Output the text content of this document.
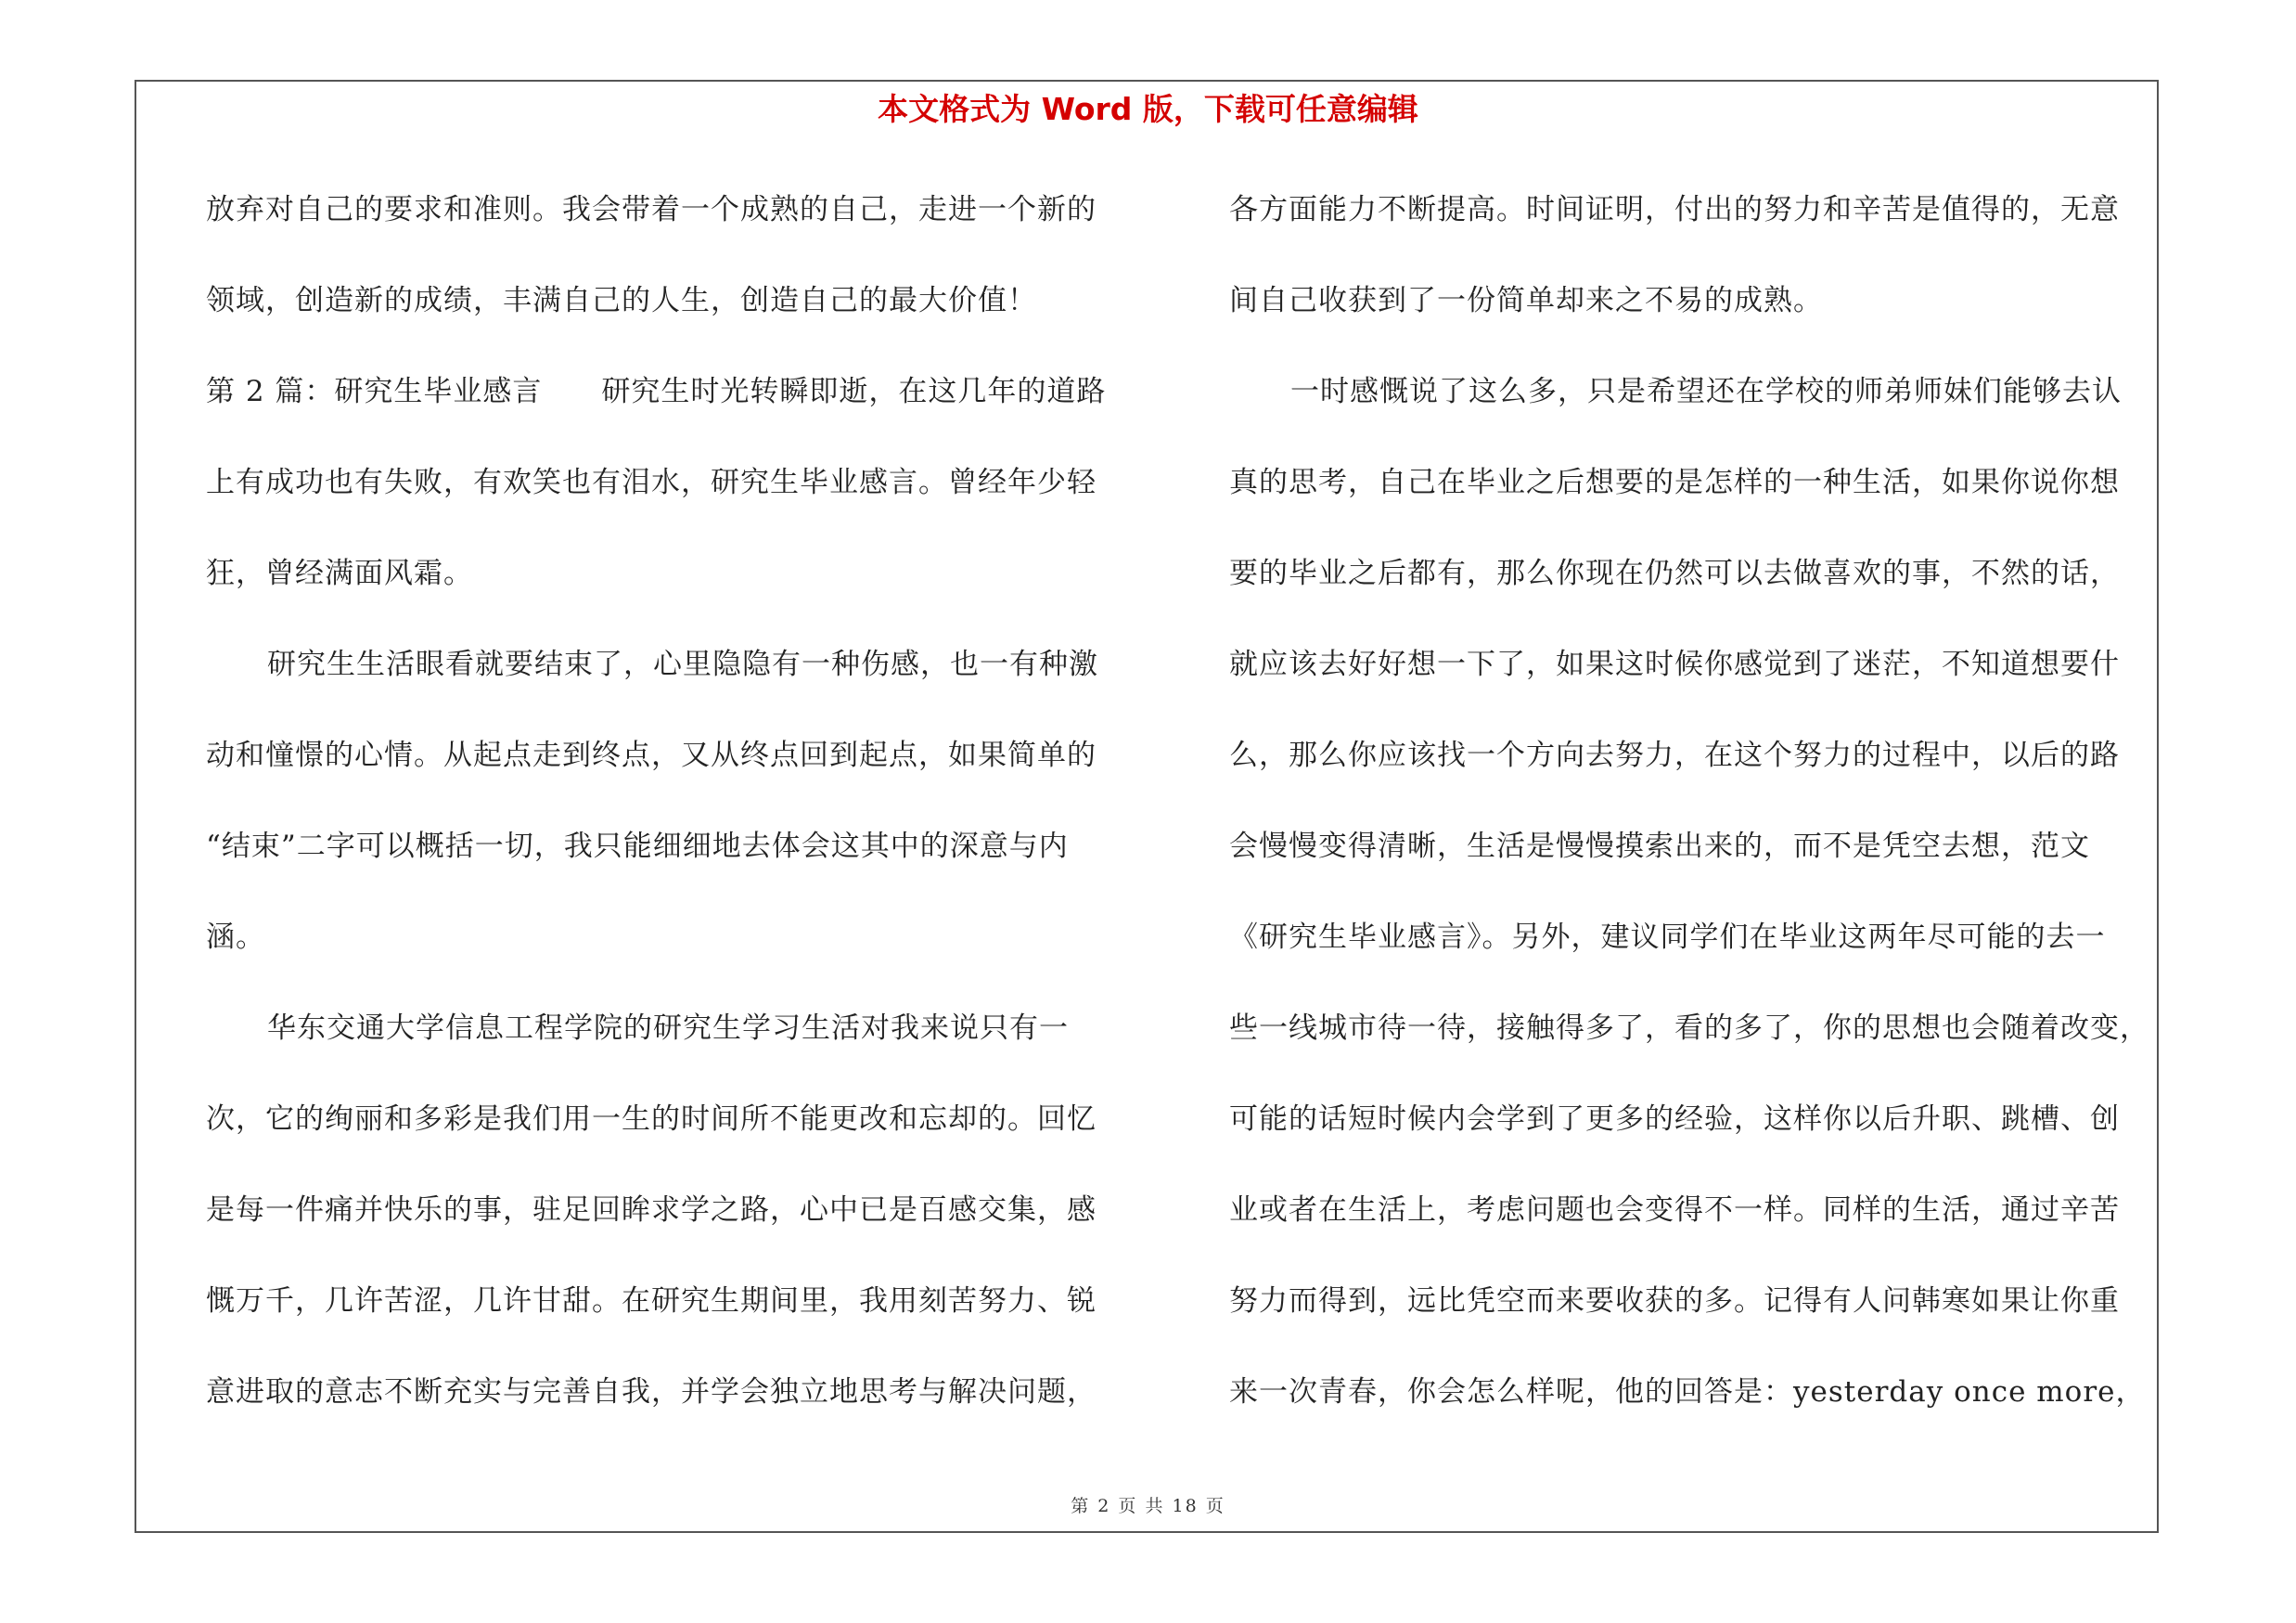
本文格式为 Word 版，下载可任意编辑
放弃对自己的要求和准则。我会带着一个成熟的自己，走进一个新的
领域，创造新的成绩，丰满自己的人生，创造自己的最大价值！
第 2 篇：研究生毕业感言　　研究生时光转瞬即逝，在这几年的道路
上有成功也有失败，有欢笑也有泪水，研究生毕业感言。曾经年少轻
狂，曾经满面风霜。
研究生生活眼看就要结束了，心里隐隐有一种伤感，也一有种激
动和憧憬的心情。从起点走到终点，又从终点回到起点，如果简单的
“结束”二字可以概括一切，我只能细细地去体会这其中的深意与内
涵。
华东交通大学信息工程学院的研究生学习生活对我来说只有一
次，它的绚丽和多彩是我们用一生的时间所不能更改和忘却的。回忆
是每一件痛并快乐的事，驻足回眸求学之路，心中已是百感交集，感
慨万千，几许苦涩，几许甘甜。在研究生期间里，我用刻苦努力、锐
意进取的意志不断充实与完善自我，并学会独立地思考与解决问题，
各方面能力不断提高。时间证明，付出的努力和辛苦是值得的，无意
间自己收获到了一份简单却来之不易的成熟。
一时感慨说了这么多，只是希望还在学校的师弟师妹们能够去认
真的思考，自己在毕业之后想要的是怎样的一种生活，如果你说你想
要的毕业之后都有，那么你现在仍然可以去做喜欢的事，不然的话，
就应该去好好想一下了，如果这时候你感觉到了迷茫，不知道想要什
么，那么你应该找一个方向去努力，在这个努力的过程中，以后的路
会慢慢变得清晰，生活是慢慢摸索出来的，而不是凭空去想，范文
《研究生毕业感言》。另外，建议同学们在毕业这两年尽可能的去一
些一线城市待一待，接触得多了，看的多了，你的思想也会随着改变，
可能的话短时候内会学到了更多的经验，这样你以后升职、跳槽、创
业或者在生活上，考虑问题也会变得不一样。同样的生活，通过辛苦
努力而得到，远比凭空而来要收获的多。记得有人问韩寒如果让你重
来一次青春，你会怎么样呢，他的回答是：yesterday once more，
第 2 页 共 18 页
